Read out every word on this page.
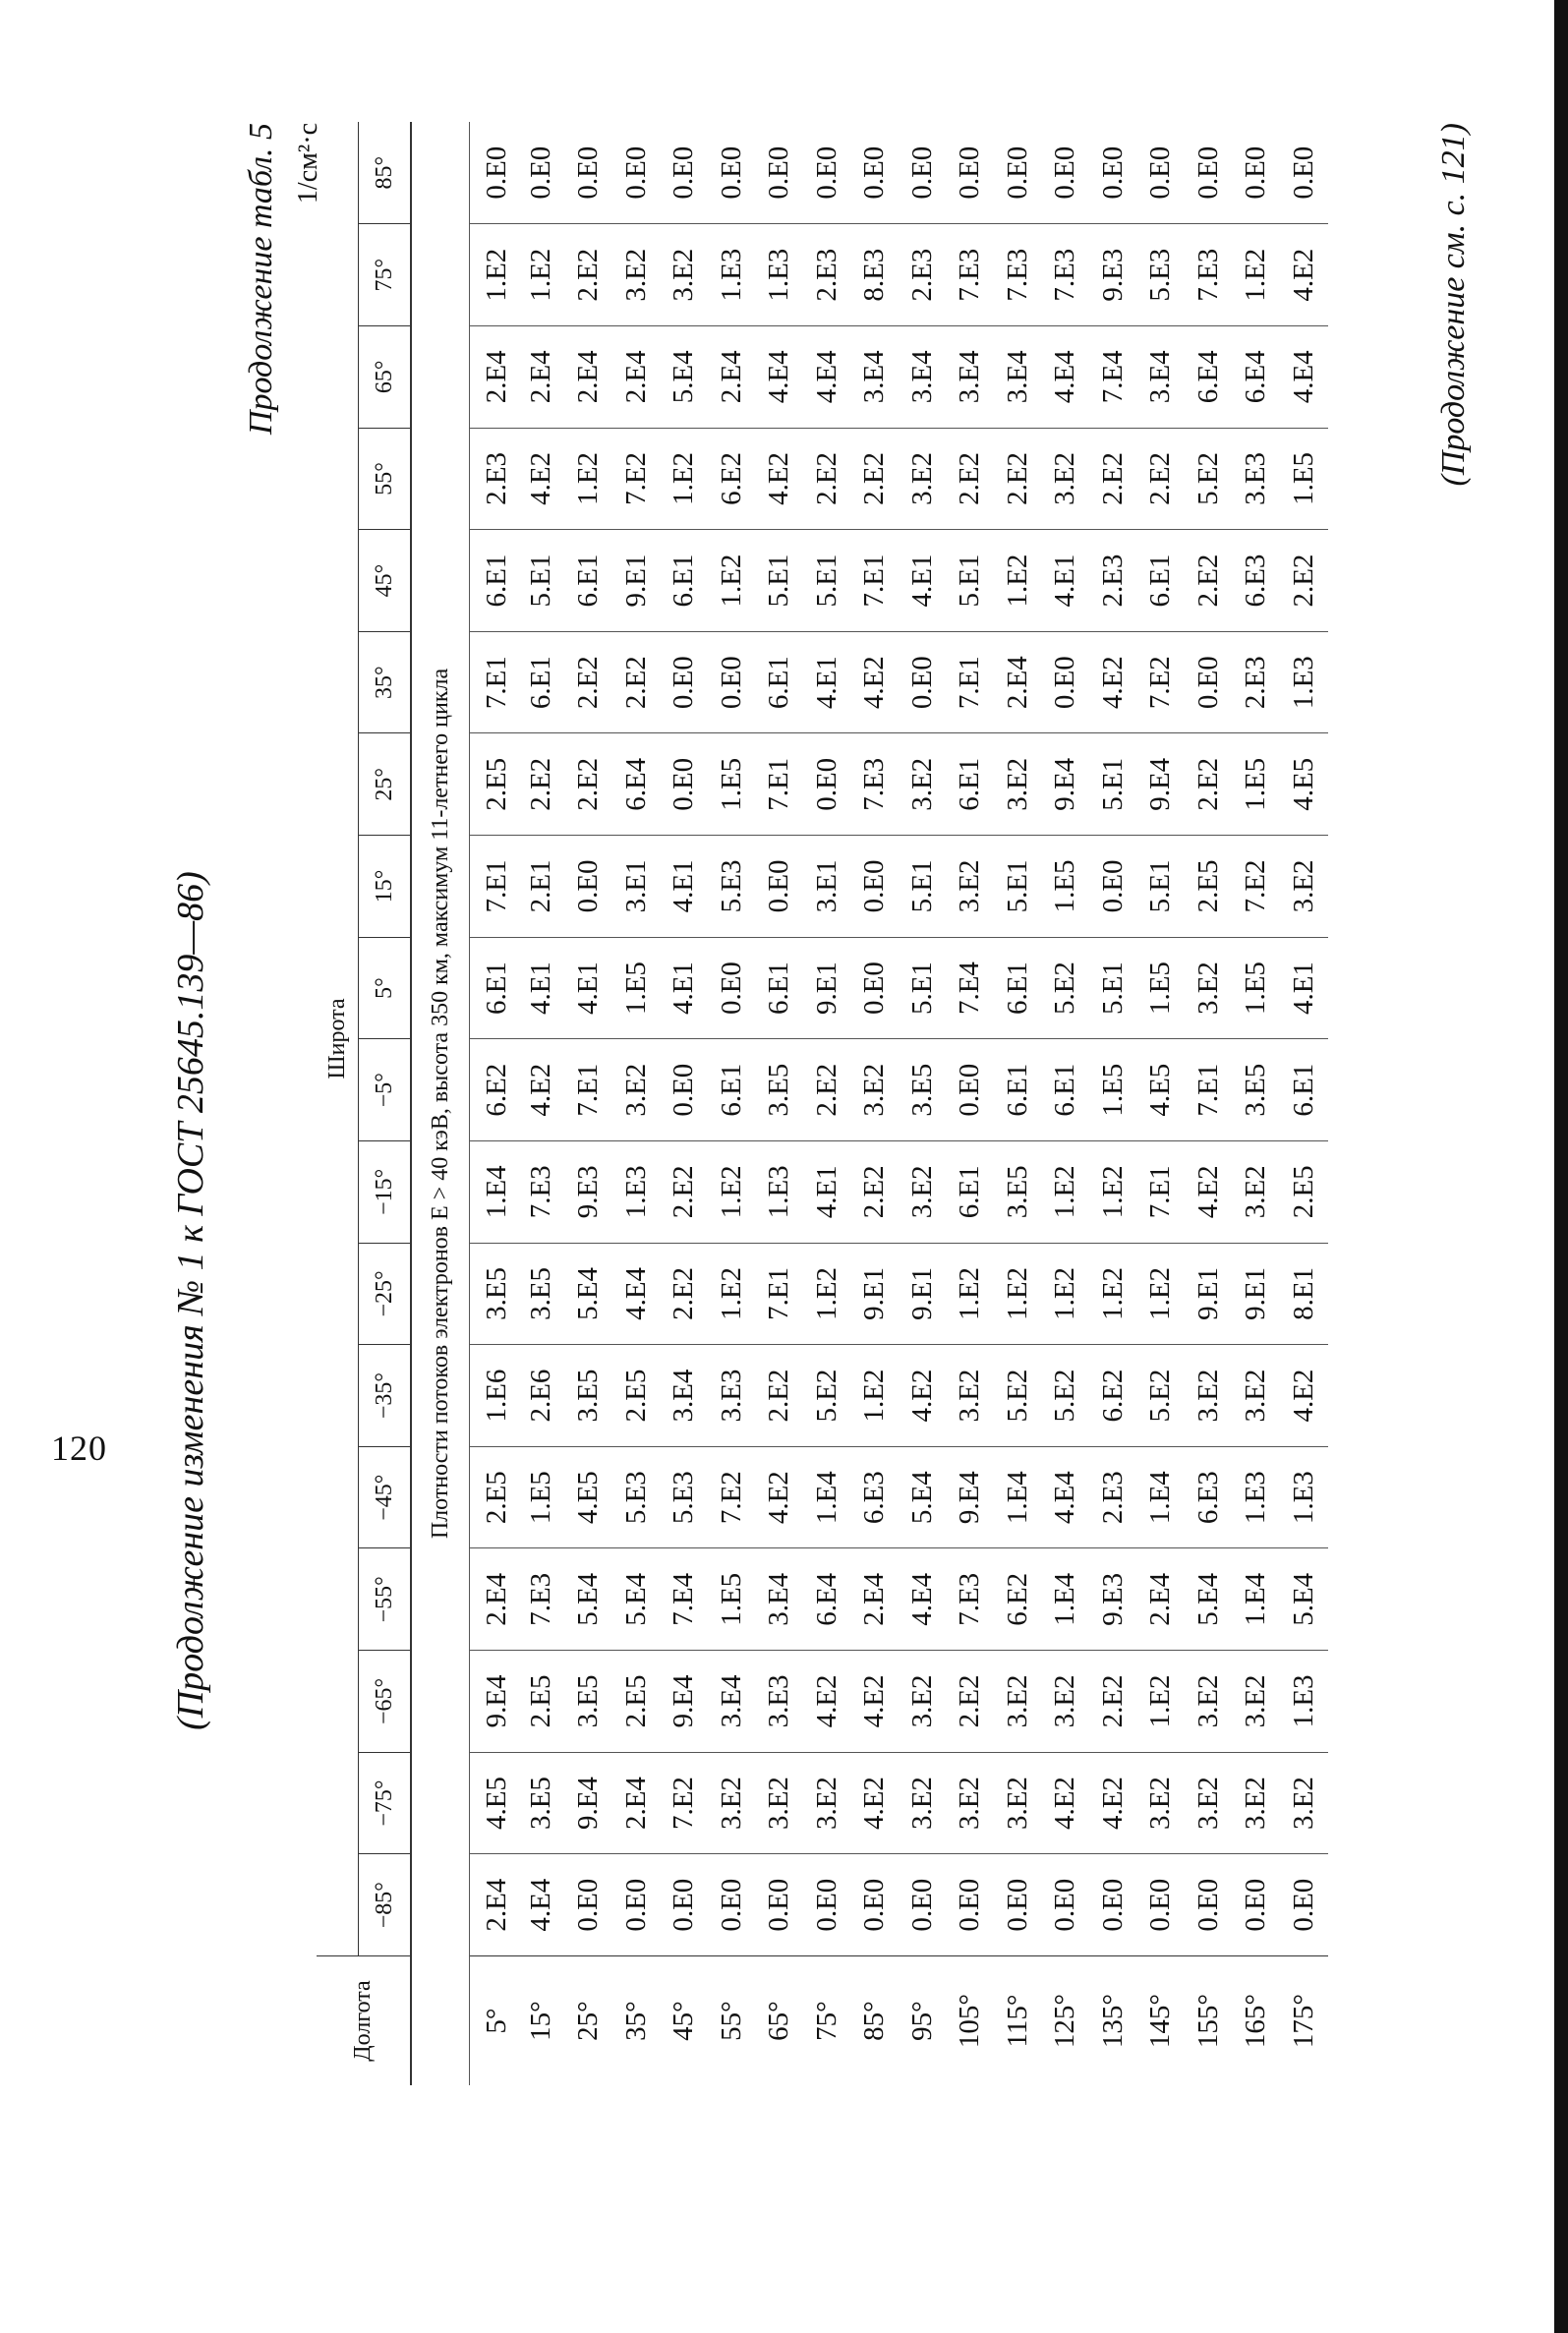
(Продолжение изменения № 1 к ГОСТ 25645.139—86)
Продолжение табл. 5 1/см²·с
Долгота	Широта																	
	−85°	−75°	−65°	−55°	−45°	−35°	−25°	−15°	−5°	5°	15°	25°	35°	45°	55°	65°	75°	85°
Плотности потоков электронов E > 40 кэВ, высота 350 км, максимум 11-летнего цикла																		
5°	2.E4	4.E5	9.E4	2.E4	2.E5	1.E6	3.E5	1.E4	6.E2	6.E1	7.E1	2.E5	7.E1	6.E1	2.E3	2.E4	1.E2	0.E0
15°	4.E4	3.E5	2.E5	7.E3	1.E5	2.E6	3.E5	7.E3	4.E2	4.E1	2.E1	2.E2	6.E1	5.E1	4.E2	2.E4	1.E2	0.E0
25°	0.E0	9.E4	3.E5	5.E4	4.E5	3.E5	5.E4	9.E3	7.E1	4.E1	0.E0	2.E2	2.E2	6.E1	1.E2	2.E4	2.E2	0.E0
35°	0.E0	2.E4	2.E5	5.E4	5.E3	2.E5	4.E4	1.E3	3.E2	1.E5	3.E1	6.E4	2.E2	9.E1	7.E2	2.E4	3.E2	0.E0
45°	0.E0	7.E2	9.E4	7.E4	5.E3	3.E4	2.E2	2.E2	0.E0	4.E1	4.E1	0.E0	0.E0	6.E1	1.E2	5.E4	3.E2	0.E0
55°	0.E0	3.E2	3.E4	1.E5	7.E2	3.E3	1.E2	1.E2	6.E1	0.E0	5.E3	1.E5	0.E0	1.E2	6.E2	2.E4	1.E3	0.E0
65°	0.E0	3.E2	3.E3	3.E4	4.E2	2.E2	7.E1	1.E3	3.E5	6.E1	0.E0	7.E1	6.E1	5.E1	4.E2	4.E4	1.E3	0.E0
75°	0.E0	3.E2	4.E2	6.E4	1.E4	5.E2	1.E2	4.E1	2.E2	9.E1	3.E1	0.E0	4.E1	5.E1	2.E2	4.E4	2.E3	0.E0
85°	0.E0	4.E2	4.E2	2.E4	6.E3	1.E2	9.E1	2.E2	3.E2	0.E0	0.E0	7.E3	4.E2	7.E1	2.E2	3.E4	8.E3	0.E0
95°	0.E0	3.E2	3.E2	4.E4	5.E4	4.E2	9.E1	3.E2	3.E5	5.E1	5.E1	3.E2	0.E0	4.E1	3.E2	3.E4	2.E3	0.E0
105°	0.E0	3.E2	2.E2	7.E3	9.E4	3.E2	1.E2	6.E1	0.E0	7.E4	3.E2	6.E1	7.E1	5.E1	2.E2	3.E4	7.E3	0.E0
115°	0.E0	3.E2	3.E2	6.E2	1.E4	5.E2	1.E2	3.E5	6.E1	6.E1	5.E1	3.E2	2.E4	1.E2	2.E2	3.E4	7.E3	0.E0
125°	0.E0	4.E2	3.E2	1.E4	4.E4	5.E2	1.E2	1.E2	6.E1	5.E2	1.E5	9.E4	0.E0	4.E1	3.E2	4.E4	7.E3	0.E0
135°	0.E0	4.E2	2.E2	9.E3	2.E3	6.E2	1.E2	1.E2	1.E5	5.E1	0.E0	5.E1	4.E2	2.E3	2.E2	7.E4	9.E3	0.E0
145°	0.E0	3.E2	1.E2	2.E4	1.E4	5.E2	1.E2	7.E1	4.E5	1.E5	5.E1	9.E4	7.E2	6.E1	2.E2	3.E4	5.E3	0.E0
155°	0.E0	3.E2	3.E2	5.E4	6.E3	3.E2	9.E1	4.E2	7.E1	3.E2	2.E5	2.E2	0.E0	2.E2	5.E2	6.E4	7.E3	0.E0
165°	0.E0	3.E2	3.E2	1.E4	1.E3	3.E2	9.E1	3.E2	3.E5	1.E5	7.E2	1.E5	2.E3	6.E3	3.E3	6.E4	1.E2	0.E0
175°	0.E0	3.E2	1.E3	5.E4	1.E3	4.E2	8.E1	2.E5	6.E1	4.E1	3.E2	4.E5	1.E3	2.E2	1.E5	4.E4	4.E2	0.E0	(Продолжение см. с. 121)
120
